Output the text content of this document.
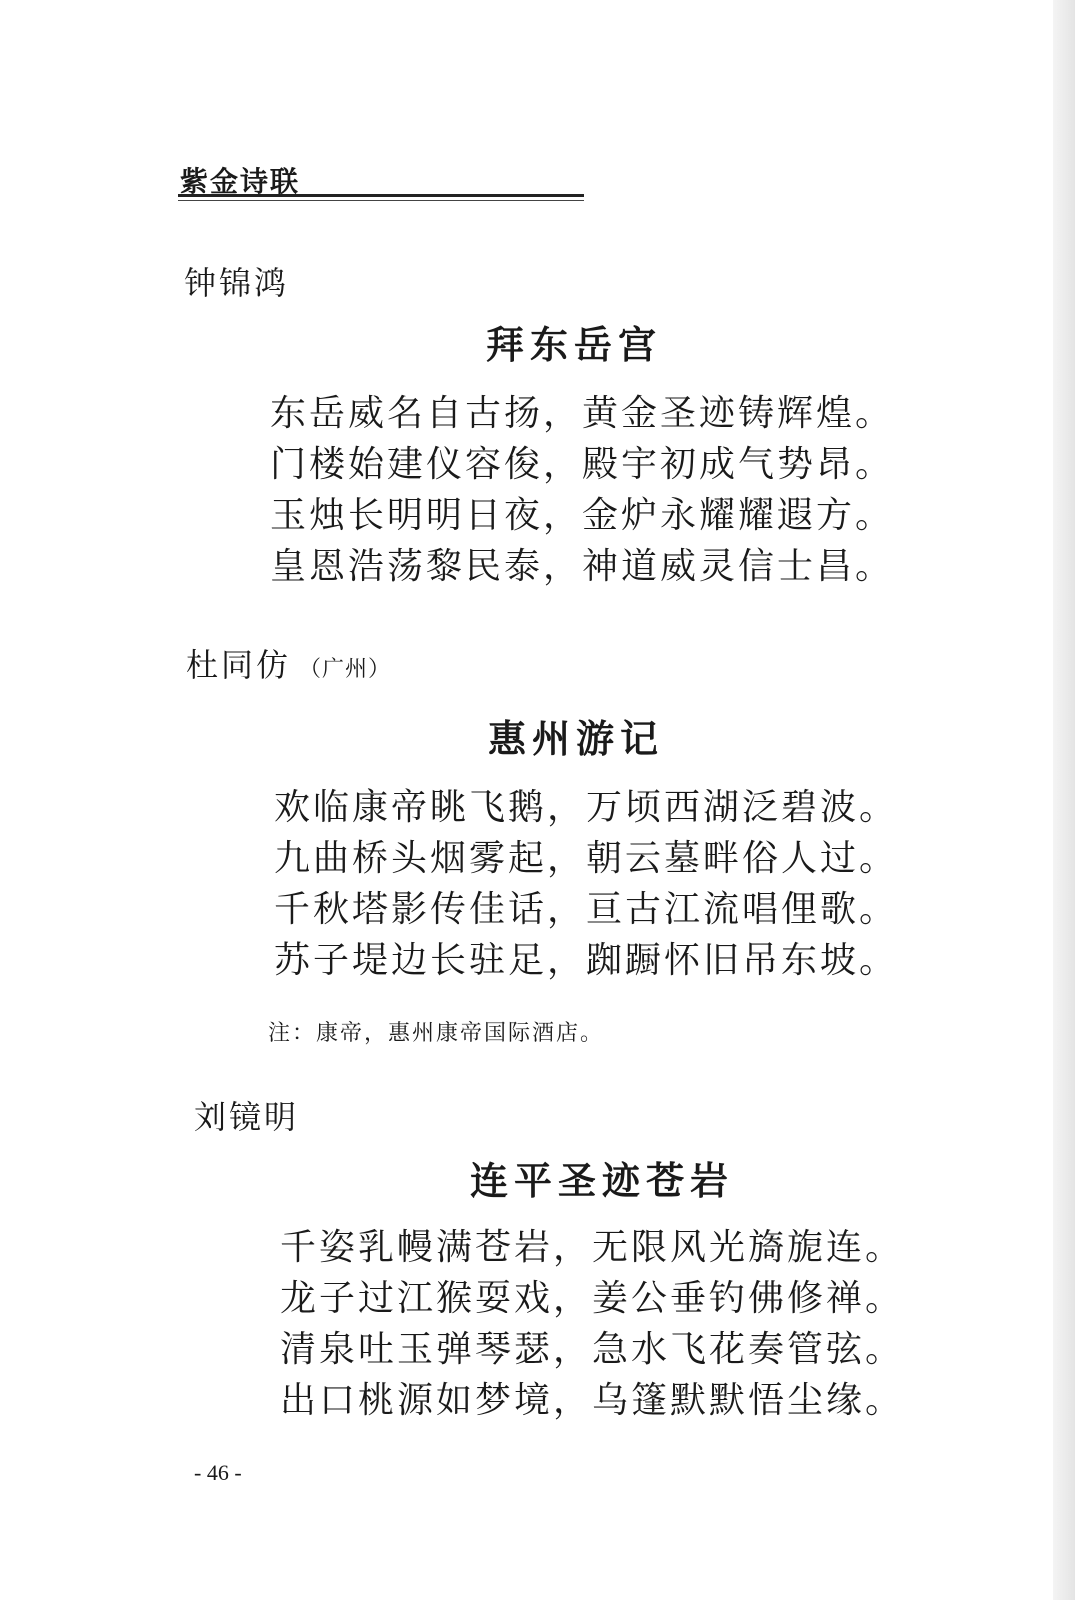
紫金诗联
钟锦鸿
拜东岳宫
东岳威名自古扬，黄金圣迹铸辉煌。
门楼始建仪容俊，殿宇初成气势昂。
玉烛长明明日夜，金炉永耀耀遐方。
皇恩浩荡黎民泰，神道威灵信士昌。
杜同仿 （广州）
惠州游记
欢临康帝眺飞鹅，万顷西湖泛碧波。
九曲桥头烟雾起，朝云墓畔俗人过。
千秋塔影传佳话，亘古江流唱俚歌。
苏子堤边长驻足，踟蹰怀旧吊东坡。
注：康帝，惠州康帝国际酒店。
刘镜明
连平圣迹苍岩
千姿乳幔满苍岩，无限风光旖旎连。
龙子过江猴耍戏，姜公垂钓佛修禅。
清泉吐玉弹琴瑟，急水飞花奏管弦。
出口桃源如梦境，乌篷默默悟尘缘。
- 46 -
